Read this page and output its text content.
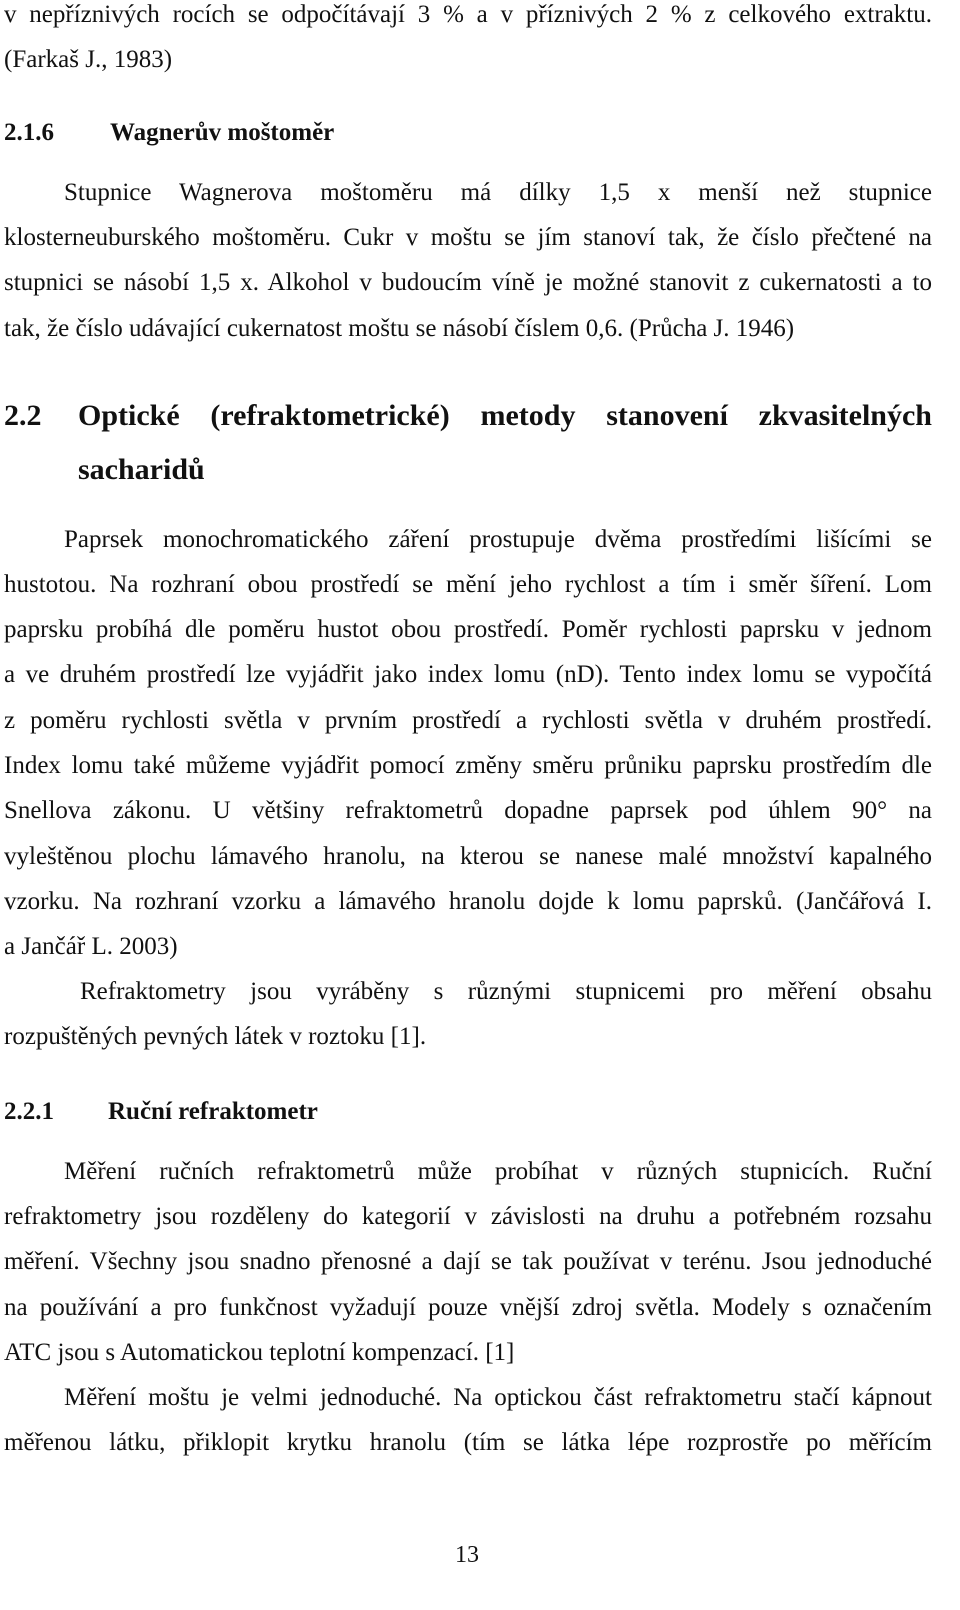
v nepříznivých rocích se odpočítávají 3 % a v příznivých 2 % z celkového extraktu.
(Farkaš J., 1983)
2.1.6 Wagnerův moštoměr
Stupnice Wagnerova moštoměru má dílky 1,5 x menší než stupnice
klosterneuburského moštoměru. Cukr v moštu se jím stanoví tak, že číslo přečtené na
stupnici se násobí 1,5 x. Alkohol v budoucím víně je možné stanovit z cukernatosti a to
tak, že číslo udávající cukernatost moštu se násobí číslem 0,6. (Průcha J. 1946)
2.2 Optické (refraktometrické) metody stanovení zkvasitelných
sacharidů
Paprsek monochromatického záření prostupuje dvěma prostředími lišícími se
hustotou. Na rozhraní obou prostředí se mění jeho rychlost a tím i směr šíření. Lom
paprsku probíhá dle poměru hustot obou prostředí. Poměr rychlosti paprsku v jednom
a ve druhém prostředí lze vyjádřit jako index lomu (nD). Tento index lomu se vypočítá
z poměru rychlosti světla v prvním prostředí a rychlosti světla v druhém prostředí.
Index lomu také můžeme vyjádřit pomocí změny směru průniku paprsku prostředím dle
Snellova zákonu. U většiny refraktometrů dopadne paprsek pod úhlem 90° na
vyleštěnou plochu lámavého hranolu, na kterou se nanese malé množství kapalného
vzorku. Na rozhraní vzorku a lámavého hranolu dojde k lomu paprsků. (Jančářová I.
a Jančář L. 2003)
Refraktometry jsou vyráběny s různými stupnicemi pro měření obsahu
rozpuštěných pevných látek v roztoku [1].
2.2.1 Ruční refraktometr
Měření ručních refraktometrů může probíhat v různých stupnicích. Ruční
refraktometry jsou rozděleny do kategorií v závislosti na druhu a potřebném rozsahu
měření. Všechny jsou snadno přenosné a dají se tak používat v terénu. Jsou jednoduché
na používání a pro funkčnost vyžadují pouze vnější zdroj světla. Modely s označením
ATC jsou s Automatickou teplotní kompenzací. [1]
Měření moštu je velmi jednoduché. Na optickou část refraktometru stačí kápnout
měřenou látku, přiklopit krytku hranolu (tím se látka lépe rozprostře po měřícím
13
